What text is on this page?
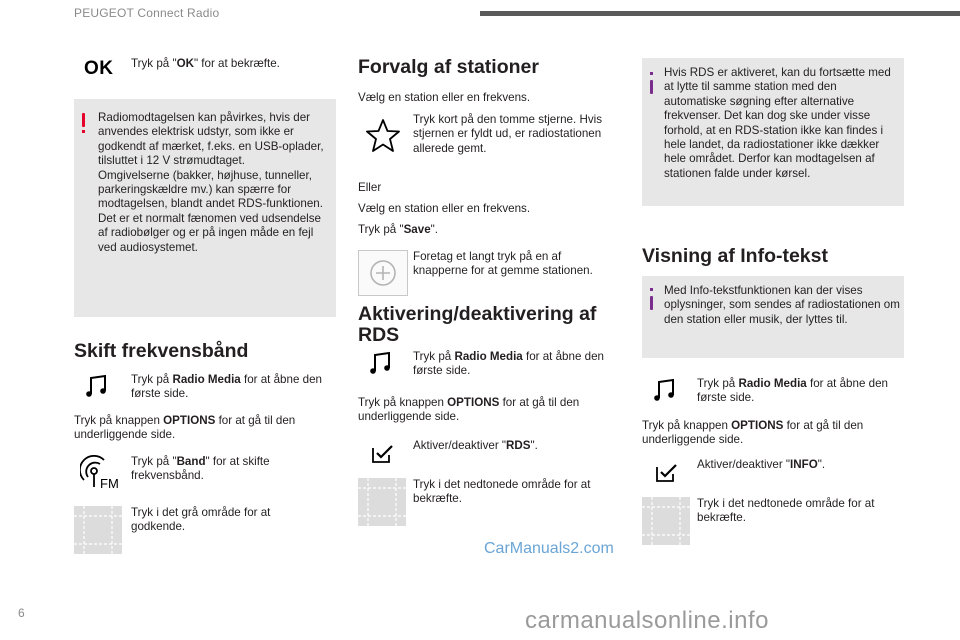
PEUGEOT Connect Radio
OK Tryk på "OK" for at bekræfte.
Radiomodtagelsen kan påvirkes, hvis der anvendes elektrisk udstyr, som ikke er godkendt af mærket, f.eks. en USB-oplader, tilsluttet i 12 V strømudtaget.
Omgivelserne (bakker, højhuse, tunneller, parkeringskældre mv.) kan spærre for modtagelsen, blandt andet RDS-funktionen. Det er et normalt fænomen ved udsendelse af radiobølger og er på ingen måde en fejl ved audiosystemet.
Skift frekvensbånd
Tryk på Radio Media for at åbne den første side.
Tryk på knappen OPTIONS for at gå til den underliggende side.
FM
Tryk på "Band" for at skifte frekvensbånd.
Tryk i det grå område for at godkende.
Forvalg af stationer
Vælg en station eller en frekvens.
Tryk kort på den tomme stjerne. Hvis stjernen er fyldt ud, er radiostationen allerede gemt.
Eller
Vælg en station eller en frekvens.
Tryk på "Save".
Foretag et langt tryk på en af knapperne for at gemme stationen.
Aktivering/deaktivering af RDS
Tryk på Radio Media for at åbne den første side.
Tryk på knappen OPTIONS for at gå til den underliggende side.
Aktiver/deaktiver "RDS".
Tryk i det nedtonede område for at bekræfte.
Hvis RDS er aktiveret, kan du fortsætte med at lytte til samme station med den automatiske søgning efter alternative frekvenser. Det kan dog ske under visse forhold, at en RDS-station ikke kan findes i hele landet, da radiostationer ikke dækker hele området. Derfor kan modtagelsen af stationen falde under kørsel.
Visning af Info-tekst
Med Info-tekstfunktionen kan der vises oplysninger, som sendes af radiostationen om den station eller musik, der lyttes til.
Tryk på Radio Media for at åbne den første side.
Tryk på knappen OPTIONS for at gå til den underliggende side.
Aktiver/deaktiver "INFO".
Tryk i det nedtonede område for at bekræfte.
CarManuals2.com
6	carmanualsonline.info
